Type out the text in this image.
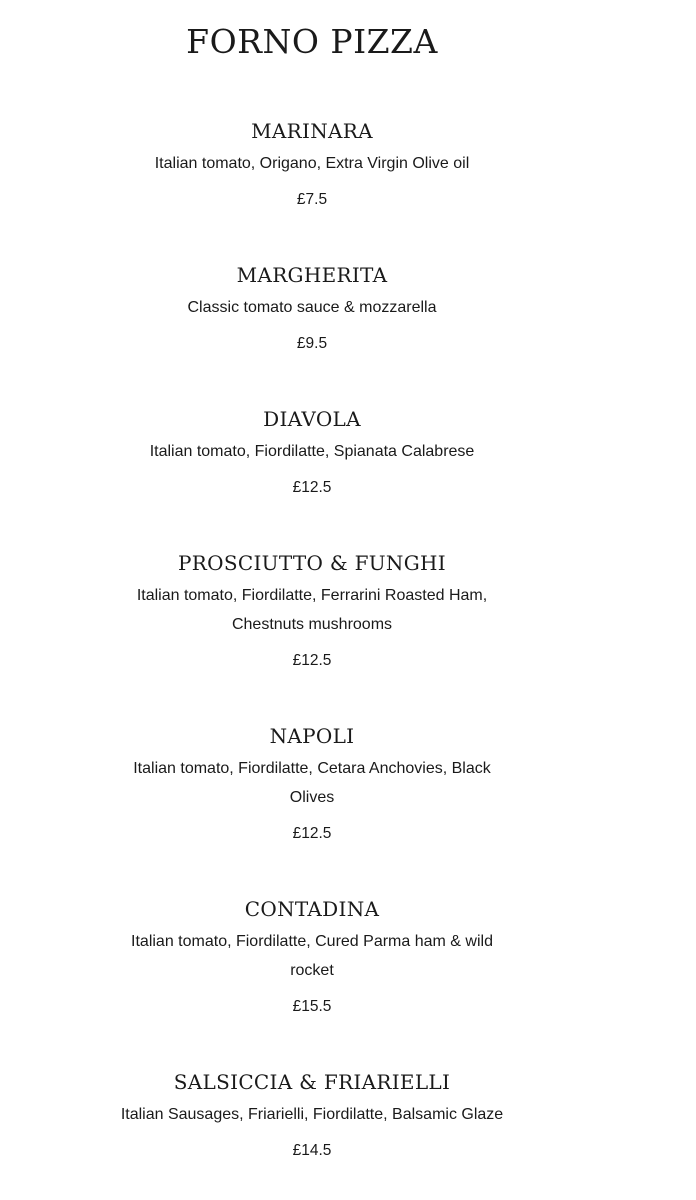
FORNO PIZZA
MARINARA

Italian tomato, Origano, Extra Virgin Olive oil

£7.5

MARGHERITA

Classic tomato sauce & mozzarella

£9.5

DIAVOLA

Italian tomato, Fiordilatte, Spianata Calabrese

£12.5

PROSCIUTTO & FUNGHI

Italian tomato, Fiordilatte, Ferrarini Roasted Ham, Chestnuts mushrooms

£12.5

NAPOLI

Italian tomato, Fiordilatte, Cetara Anchovies, Black Olives

£12.5

CONTADINA

Italian tomato, Fiordilatte, Cured Parma ham & wild rocket

£15.5

SALSICCIA & FRIARIELLI

Italian Sausages, Friarielli, Fiordilatte, Balsamic Glaze

£14.5
